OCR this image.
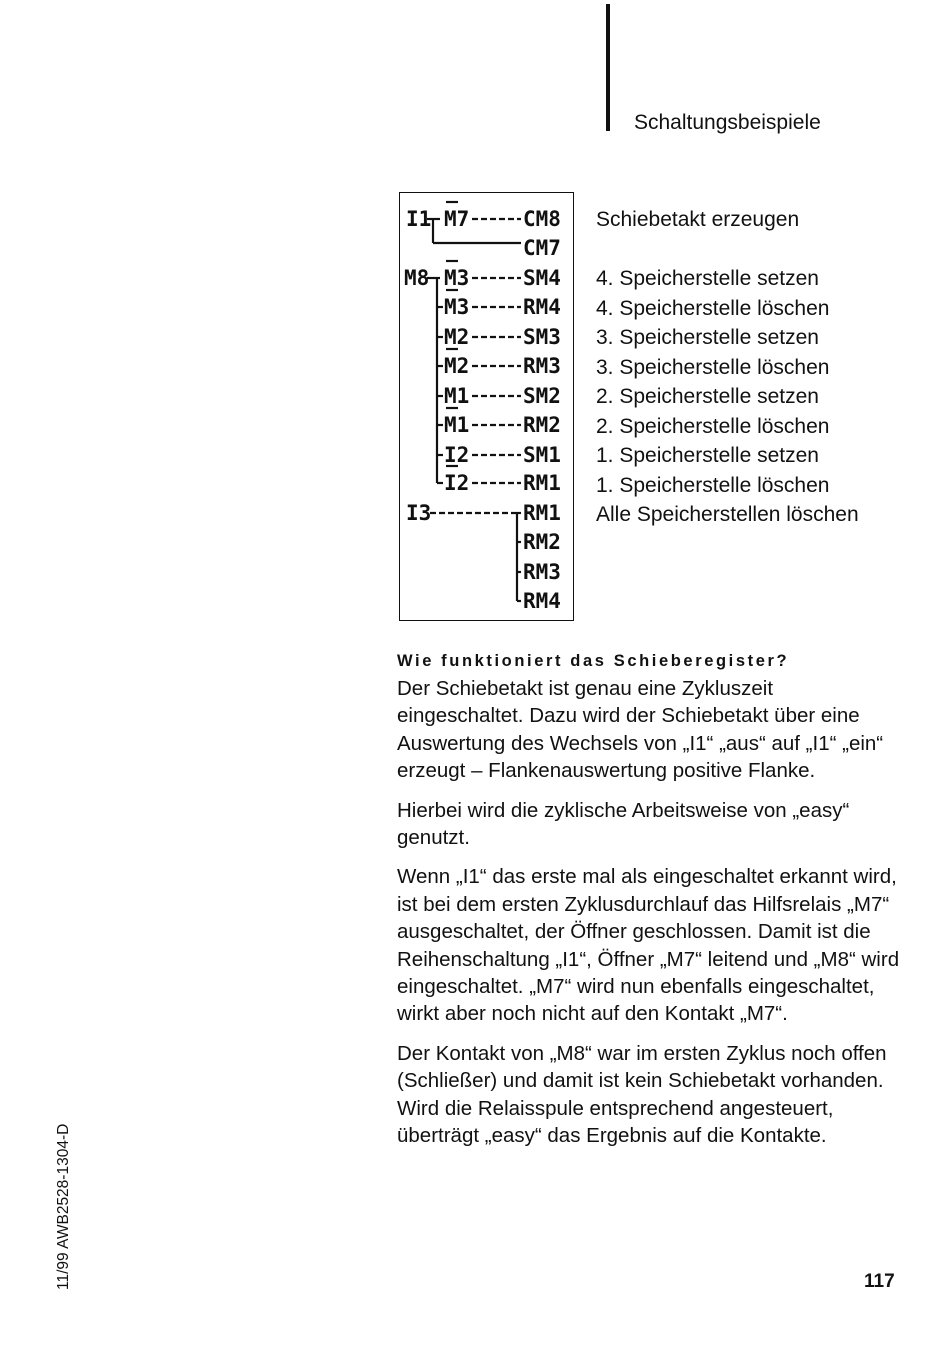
Schaltungsbeispiele
I1 M7	CM8
CM7
M8 M3	SM4
M3	RM4
M2	SM3
M2	RM3
M1	SM2
M1	RM2
I2	SM1
I2	RM1
I3	RM1
RM2
RM3
RM4
Schiebetakt erzeugen
4. Speicherstelle setzen
4. Speicherstelle löschen
3. Speicherstelle setzen
3. Speicherstelle löschen
2. Speicherstelle setzen
2. Speicherstelle löschen
1. Speicherstelle setzen
1. Speicherstelle löschen
Alle Speicherstellen löschen
Wie funktioniert das Schieberegister?

Der Schiebetakt ist genau eine Zykluszeit eingeschaltet. Dazu wird der Schiebetakt über eine Auswertung des Wechsels von „I1“ „aus“ auf „I1“ „ein“ erzeugt – Flankenauswertung positive Flanke.

Hierbei wird die zyklische Arbeitsweise von „easy“ genutzt.

Wenn „I1“ das erste mal als eingeschaltet erkannt wird, ist bei dem ersten Zyklusdurchlauf das Hilfsrelais „M7“ ausgeschaltet, der Öffner geschlossen. Damit ist die Reihenschaltung „I1“, Öffner „M7“ leitend und „M8“ wird eingeschaltet. „M7“ wird nun ebenfalls eingeschaltet, wirkt aber noch nicht auf den Kontakt „M7“.

Der Kontakt von „M8“ war im ersten Zyklus noch offen (Schließer) und damit ist kein Schiebetakt vorhanden. Wird die Relaisspule entsprechend angesteuert, überträgt „easy“ das Ergebnis auf die Kontakte.

11/99 AWB2528-1304-D	117
